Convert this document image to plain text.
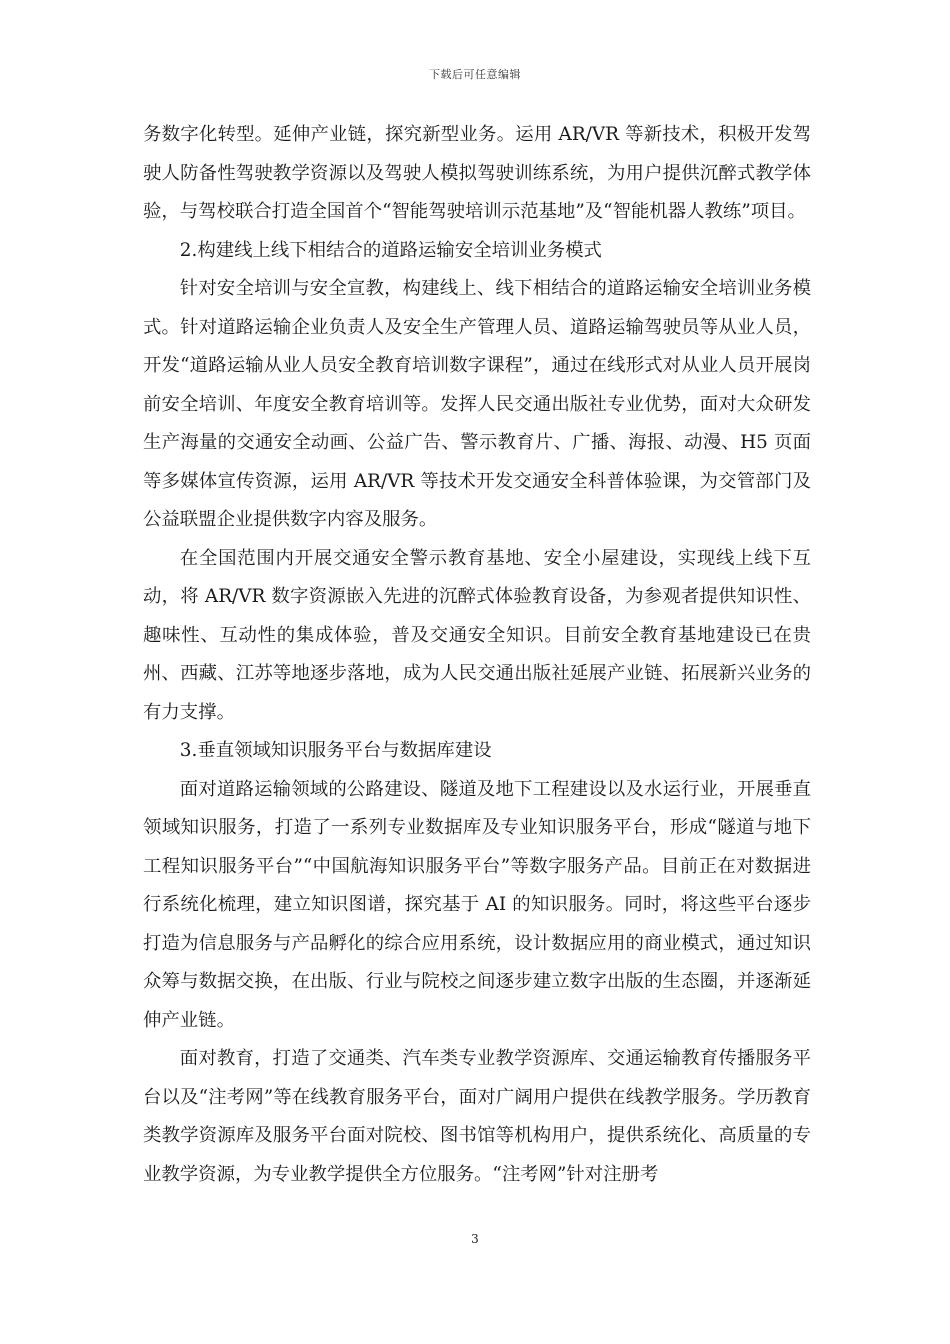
下载后可任意编辑

务数字化转型。延伸产业链，探究新型业务。运用 AR/VR 等新技术，积极开发驾驶人防备性驾驶教学资源以及驾驶人模拟驾驶训练系统，为用户提供沉醉式教学体验，与驾校联合打造全国首个“智能驾驶培训示范基地”及“智能机器人教练”项目。

2.构建线上线下相结合的道路运输安全培训业务模式

针对安全培训与安全宣教，构建线上、线下相结合的道路运输安全培训业务模式。针对道路运输企业负责人及安全生产管理人员、道路运输驾驶员等从业人员，开发“道路运输从业人员安全教育培训数字课程”，通过在线形式对从业人员开展岗前安全培训、年度安全教育培训等。发挥人民交通出版社专业优势，面对大众研发生产海量的交通安全动画、公益广告、警示教育片、广播、海报、动漫、H5 页面等多媒体宣传资源，运用 AR/VR 等技术开发交通安全科普体验课，为交管部门及公益联盟企业提供数字内容及服务。

在全国范围内开展交通安全警示教育基地、安全小屋建设，实现线上线下互动，将 AR/VR 数字资源嵌入先进的沉醉式体验教育设备，为参观者提供知识性、趣味性、互动性的集成体验，普及交通安全知识。目前安全教育基地建设已在贵州、西藏、江苏等地逐步落地，成为人民交通出版社延展产业链、拓展新兴业务的有力支撑。

3.垂直领域知识服务平台与数据库建设

面对道路运输领域的公路建设、隧道及地下工程建设以及水运行业，开展垂直领域知识服务，打造了一系列专业数据库及专业知识服务平台，形成“隧道与地下工程知识服务平台”“中国航海知识服务平台”等数字服务产品。目前正在对数据进行系统化梳理，建立知识图谱，探究基于 AI 的知识服务。同时，将这些平台逐步打造为信息服务与产品孵化的综合应用系统，设计数据应用的商业模式，通过知识众筹与数据交换，在出版、行业与院校之间逐步建立数字出版的生态圈，并逐渐延伸产业链。

面对教育，打造了交通类、汽车类专业教学资源库、交通运输教育传播服务平台以及“注考网”等在线教育服务平台，面对广阔用户提供在线教学服务。学历教育类教学资源库及服务平台面对院校、图书馆等机构用户，提供系统化、高质量的专业教学资源，为专业教学提供全方位服务。“注考网”针对注册考

3
